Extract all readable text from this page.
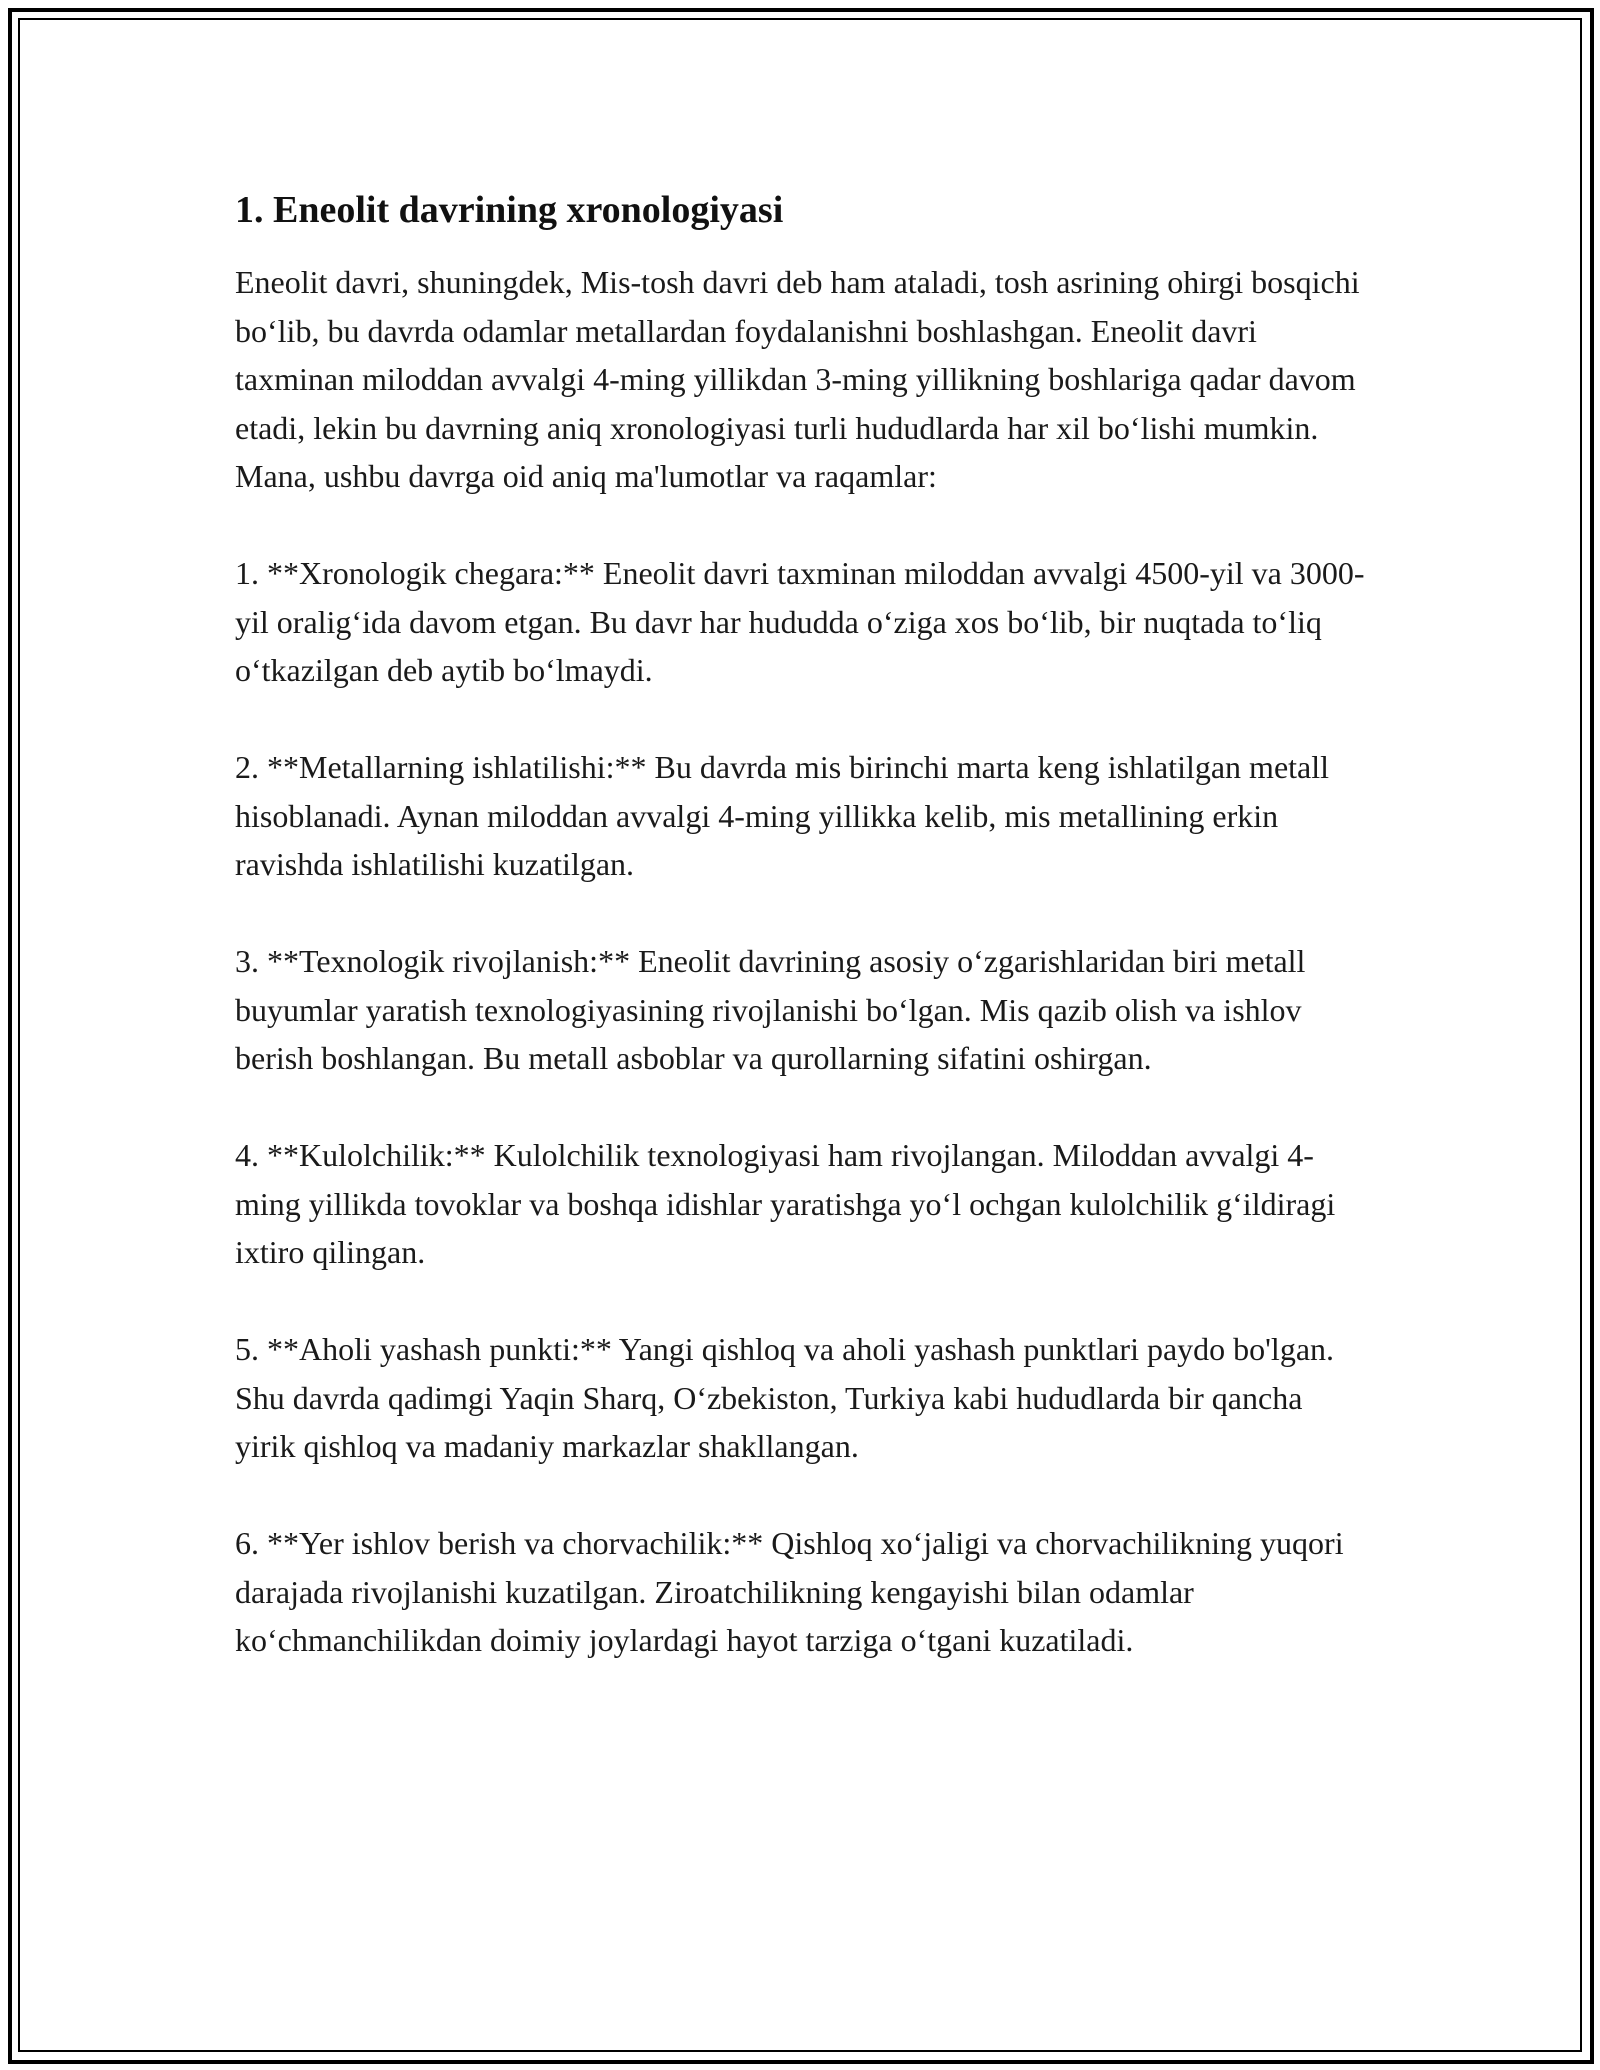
1. Eneolit davrining xronologiyasi

Eneolit davri, shuningdek, Mis-tosh davri deb ham ataladi, tosh asrining ohirgi bosqichi bo‘lib, bu davrda odamlar metallardan foydalanishni boshlashgan. Eneolit davri taxminan miloddan avvalgi 4-ming yillikdan 3-ming yillikning boshlariga qadar davom etadi, lekin bu davrning aniq xronologiyasi turli hududlarda har xil bo‘lishi mumkin. Mana, ushbu davrga oid aniq ma'lumotlar va raqamlar:

1. **Xronologik chegara:** Eneolit davri taxminan miloddan avvalgi 4500-yil va 3000-yil oralig‘ida davom etgan. Bu davr har hududda o‘ziga xos bo‘lib, bir nuqtada to‘liq o‘tkazilgan deb aytib bo‘lmaydi.

2. **Metallarning ishlatilishi:** Bu davrda mis birinchi marta keng ishlatilgan metall hisoblanadi. Aynan miloddan avvalgi 4-ming yillikka kelib, mis metallining erkin ravishda ishlatilishi kuzatilgan.

3. **Texnologik rivojlanish:** Eneolit davrining asosiy o‘zgarishlaridan biri metall buyumlar yaratish texnologiyasining rivojlanishi bo‘lgan. Mis qazib olish va ishlov berish boshlangan. Bu metall asboblar va qurollarning sifatini oshirgan.

4. **Kulolchilik:** Kulolchilik texnologiyasi ham rivojlangan. Miloddan avvalgi 4-ming yillikda tovoklar va boshqa idishlar yaratishga yo‘l ochgan kulolchilik g‘ildiragi ixtiro qilingan.

5. **Aholi yashash punkti:** Yangi qishloq va aholi yashash punktlari paydo bo'lgan. Shu davrda qadimgi Yaqin Sharq, O‘zbekiston, Turkiya kabi hududlarda bir qancha yirik qishloq va madaniy markazlar shakllangan.

6. **Yer ishlov berish va chorvachilik:** Qishloq xo‘jaligi va chorvachilikning yuqori darajada rivojlanishi kuzatilgan. Ziroatchilikning kengayishi bilan odamlar ko‘chmanchilikdan doimiy joylardagi hayot tarziga o‘tgani kuzatiladi.
